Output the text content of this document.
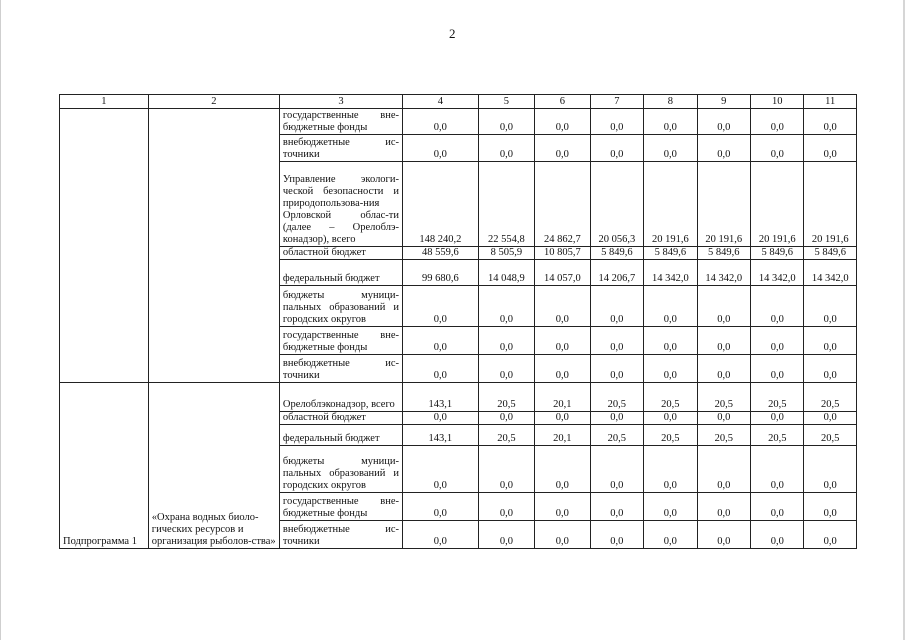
2
1	2	3	4	5	6	7	8	9	10	11
		государственные вне-бюджетные фонды	0,0	0,0	0,0	0,0	0,0	0,0	0,0	0,0
		внебюджетные ис-точники	0,0	0,0	0,0	0,0	0,0	0,0	0,0	0,0
		Управление экологи-ческой безопасности и природопользова-ния Орловской облас-ти (далее – Орелоблэ-конадзор), всего	148 240,2	22 554,8	24 862,7	20 056,3	20 191,6	20 191,6	20 191,6	20 191,6
		областной бюджет	48 559,6	8 505,9	10 805,7	5 849,6	5 849,6	5 849,6	5 849,6	5 849,6
		федеральный бюджет	99 680,6	14 048,9	14 057,0	14 206,7	14 342,0	14 342,0	14 342,0	14 342,0
		бюджеты муници-пальных образований и городских округов	0,0	0,0	0,0	0,0	0,0	0,0	0,0	0,0
		государственные вне-бюджетные фонды	0,0	0,0	0,0	0,0	0,0	0,0	0,0	0,0
		внебюджетные ис-точники	0,0	0,0	0,0	0,0	0,0	0,0	0,0	0,0
Подпрограмма 1	«Охрана водных биоло-гических ресурсов и организация рыболов-ства»	Орелоблэконадзор, всего	143,1	20,5	20,1	20,5	20,5	20,5	20,5	20,5
		областной бюджет	0,0	0,0	0,0	0,0	0,0	0,0	0,0	0,0
		федеральный бюджет	143,1	20,5	20,1	20,5	20,5	20,5	20,5	20,5
		бюджеты муници-пальных образований и городских округов	0,0	0,0	0,0	0,0	0,0	0,0	0,0	0,0
		государственные вне-бюджетные фонды	0,0	0,0	0,0	0,0	0,0	0,0	0,0	0,0
		внебюджетные ис-точники	0,0	0,0	0,0	0,0	0,0	0,0	0,0	0,0
